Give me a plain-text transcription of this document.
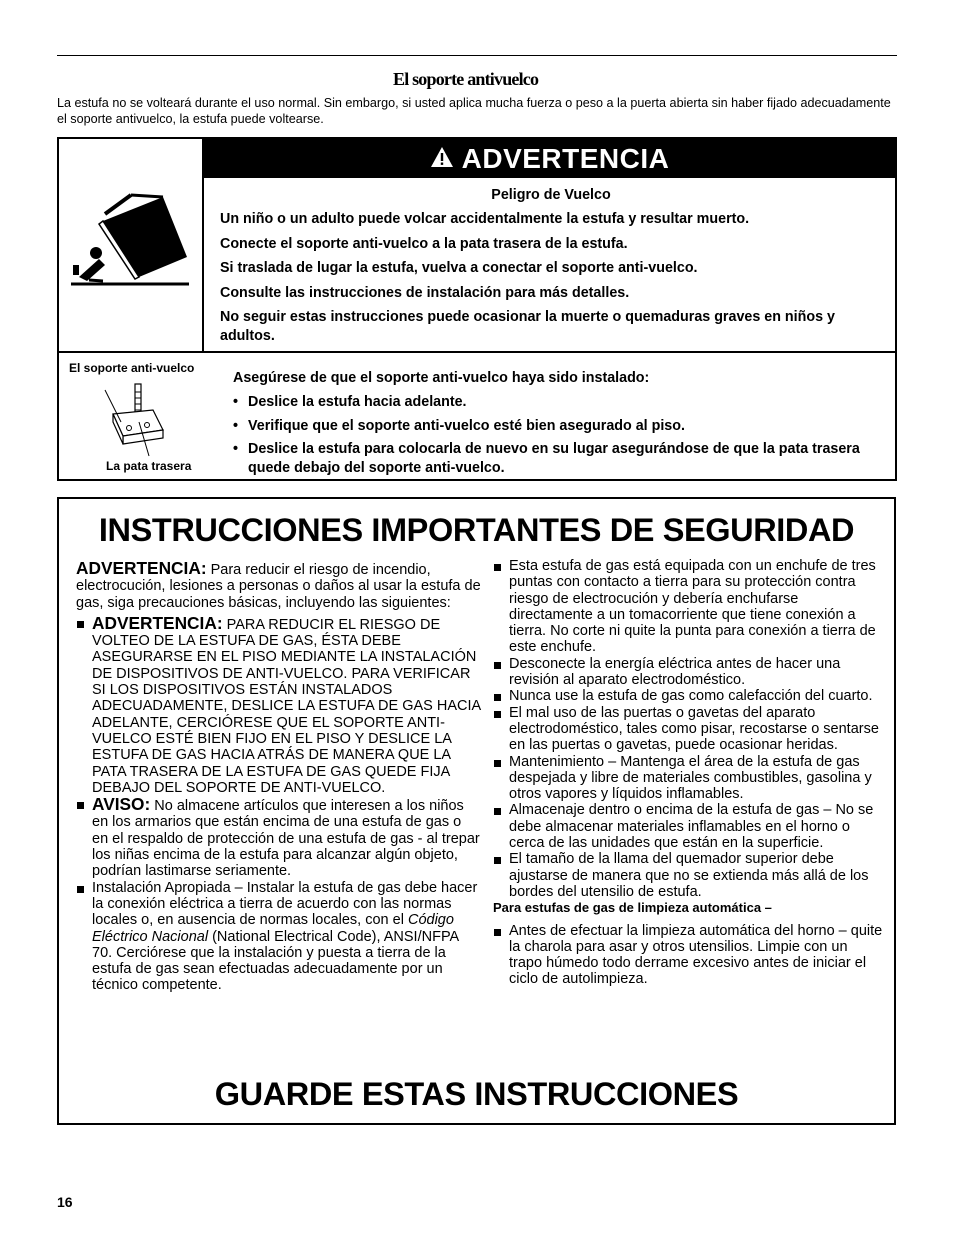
El soporte antivuelco
La estufa no se volteará durante el uso normal. Sin embargo, si usted aplica mucha fuerza o peso a la puerta abierta sin haber fijado adecuadamente el soporte antivuelco, la estufa puede voltearse.
ADVERTENCIA

Peligro de Vuelco

Un niño o un adulto puede volcar accidentalmente la estufa y resultar muerto.

Conecte el soporte anti-vuelco a la pata trasera de la estufa.

Si traslada de lugar la estufa, vuelva a conectar el soporte anti-vuelco.

Consulte las instrucciones de instalación para más detalles.

No seguir estas instrucciones puede ocasionar la muerte o quemaduras graves en niños y adultos.

El soporte anti-vuelco
La pata trasera

Asegúrese de que el soporte anti-vuelco haya sido instalado:

• Deslice la estufa hacia adelante.
• Verifique que el soporte anti-vuelco esté bien asegurado al piso.
• Deslice la estufa para colocarla de nuevo en su lugar asegurándose de que la pata trasera quede debajo del soporte anti-vuelco.
INSTRUCCIONES IMPORTANTES DE SEGURIDAD

ADVERTENCIA: Para reducir el riesgo de incendio, electrocución, lesiones a personas o daños al usar la estufa de gas, siga precauciones básicas, incluyendo las siguientes:

ADVERTENCIA: PARA REDUCIR EL RIESGO DE VOLTEO DE LA ESTUFA DE GAS, ÉSTA DEBE ASEGURARSE EN EL PISO MEDIANTE LA INSTALACIÓN DE DISPOSITIVOS DE ANTI-VUELCO. PARA VERIFICAR SI LOS DISPOSITIVOS ESTÁN INSTALADOS ADECUADAMENTE, DESLICE LA ESTUFA DE GAS HACIA ADELANTE, CERCIÓRESE QUE EL SOPORTE ANTI-VUELCO ESTÉ BIEN FIJO EN EL PISO Y DESLICE LA ESTUFA DE GAS HACIA ATRÁS DE MANERA QUE LA PATA TRASERA DE LA ESTUFA DE GAS QUEDE FIJA DEBAJO DEL SOPORTE DE ANTI-VUELCO.

AVISO: No almacene artículos que interesen a los niños en los armarios que están encima de una estufa de gas o en el respaldo de protección de una estufa de gas - al trepar los niñas encima de la estufa para alcanzar algún objeto, podrían lastimarse seriamente.

Instalación Apropiada – Instalar la estufa de gas debe hacer la conexión eléctrica a tierra de acuerdo con las normas locales o, en ausencia de normas locales, con el Código Eléctrico Nacional (National Electrical Code), ANSI/NFPA 70. Cerciórese que la instalación y puesta a tierra de la estufa de gas sean efectuadas adecuadamente por un técnico competente.

Esta estufa de gas está equipada con un enchufe de tres puntas con contacto a tierra para su protección contra riesgo de electrocución y debería enchufarse directamente a un tomacorriente que tiene conexión a tierra. No corte ni quite la punta para conexión a tierra de este enchufe.

Desconecte la energía eléctrica antes de hacer una revisión al aparato electrodoméstico.

Nunca use la estufa de gas como calefacción del cuarto.

El mal uso de las puertas o gavetas del aparato electrodoméstico, tales como pisar, recostarse o sentarse en las puertas o gavetas, puede ocasionar heridas.

Mantenimiento – Mantenga el área de la estufa de gas despejada y libre de materiales combustibles, gasolina y otros vapores y líquidos inflamables.

Almacenaje dentro o encima de la estufa de gas – No se debe almacenar materiales inflamables en el horno o cerca de las unidades que están en la superficie.

El tamaño de la llama del quemador superior debe ajustarse de manera que no se extienda más allá de los bordes del utensilio de estufa.

Para estufas de gas de limpieza automática –

Antes de efectuar la limpieza automática del horno – quite la charola para asar y otros utensilios. Limpie con un trapo húmedo todo derrame excesivo antes de iniciar el ciclo de autolimpieza.

GUARDE ESTAS INSTRUCCIONES
16
